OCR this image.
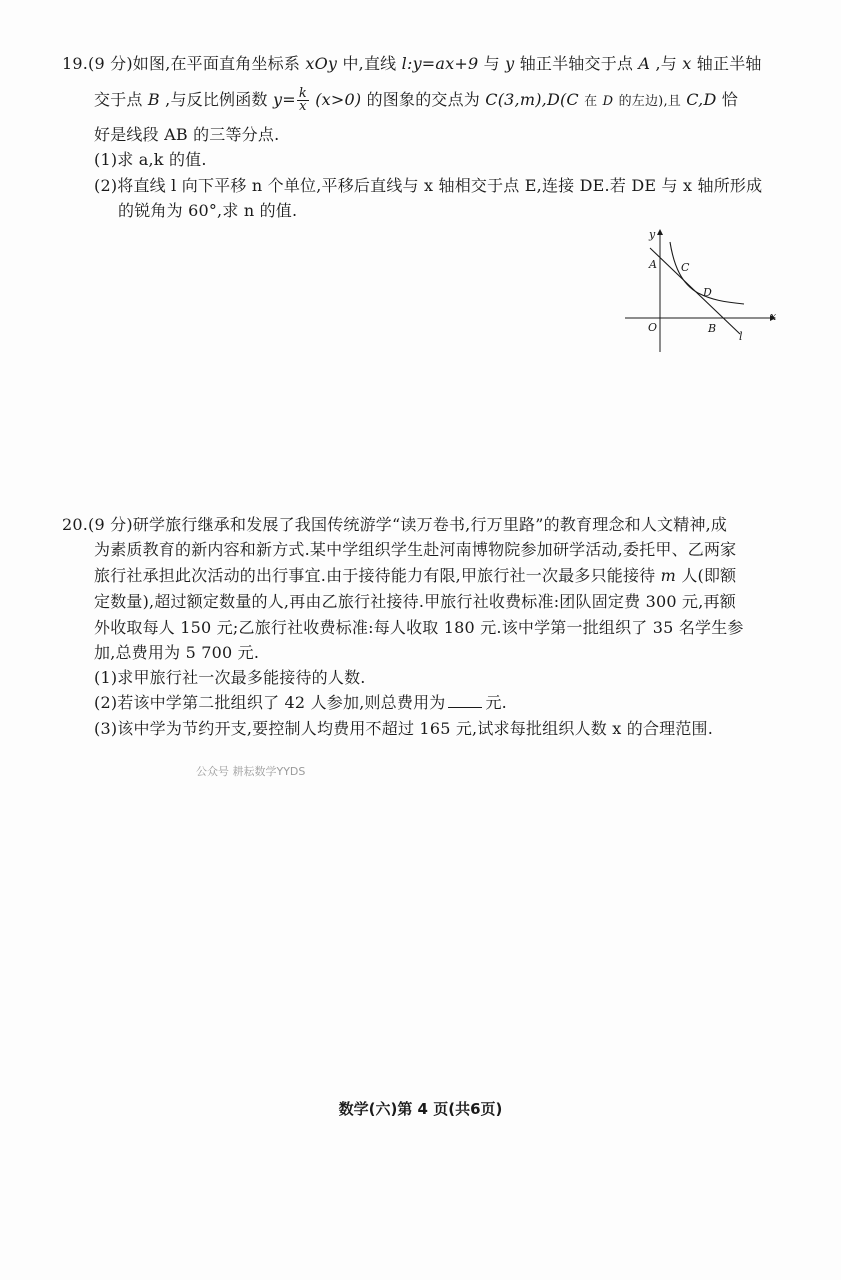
19.(9 分)如图,在平面直角坐标系 xOy 中,直线 l:y=ax+9 与 y 轴正半轴交于点 A ,与 x 轴正半轴
交于点 B ,与反比例函数 $y= \frac{k}{x} (x>0)$ 的图象的交点为 C(3,m),D(C 在 D 的左边),且 C,D 恰
好是线段 AB 的三等分点.
(1)求 a,k 的值.
(2)将直线 l 向下平移 n 个单位,平移后直线与 x 轴相交于点 E,连接 DE.若 DE 与 x 轴所形成
的锐角为 60°,求 n 的值.
y
x
A C
D
O	B
l
20.(9 分)研学旅行继承和发展了我国传统游学“读万卷书,行万里路”的教育理念和人文精神,成
为素质教育的新内容和新方式.某中学组织学生赴河南博物院参加研学活动,委托甲、乙两家
旅行社承担此次活动的出行事宜.由于接待能力有限,甲旅行社一次最多只能接待 m 人(即额
定数量),超过额定数量的人,再由乙旅行社接待.甲旅行社收费标准:团队固定费 300 元,再额
外收取每人 150 元;乙旅行社收费标准:每人收取 180 元.该中学第一批组织了 35 名学生参
加,总费用为 5 700 元.
(1)求甲旅行社一次最多能接待的人数.
(2)若该中学第二批组织了 42 人参加,则总费用为	元.
(3)该中学为节约开支,要控制人均费用不超过 165 元,试求每批组织人数 x 的合理范围.
公众号 耕耘数学YYDS
数学(六)第 4 页(共6页)
